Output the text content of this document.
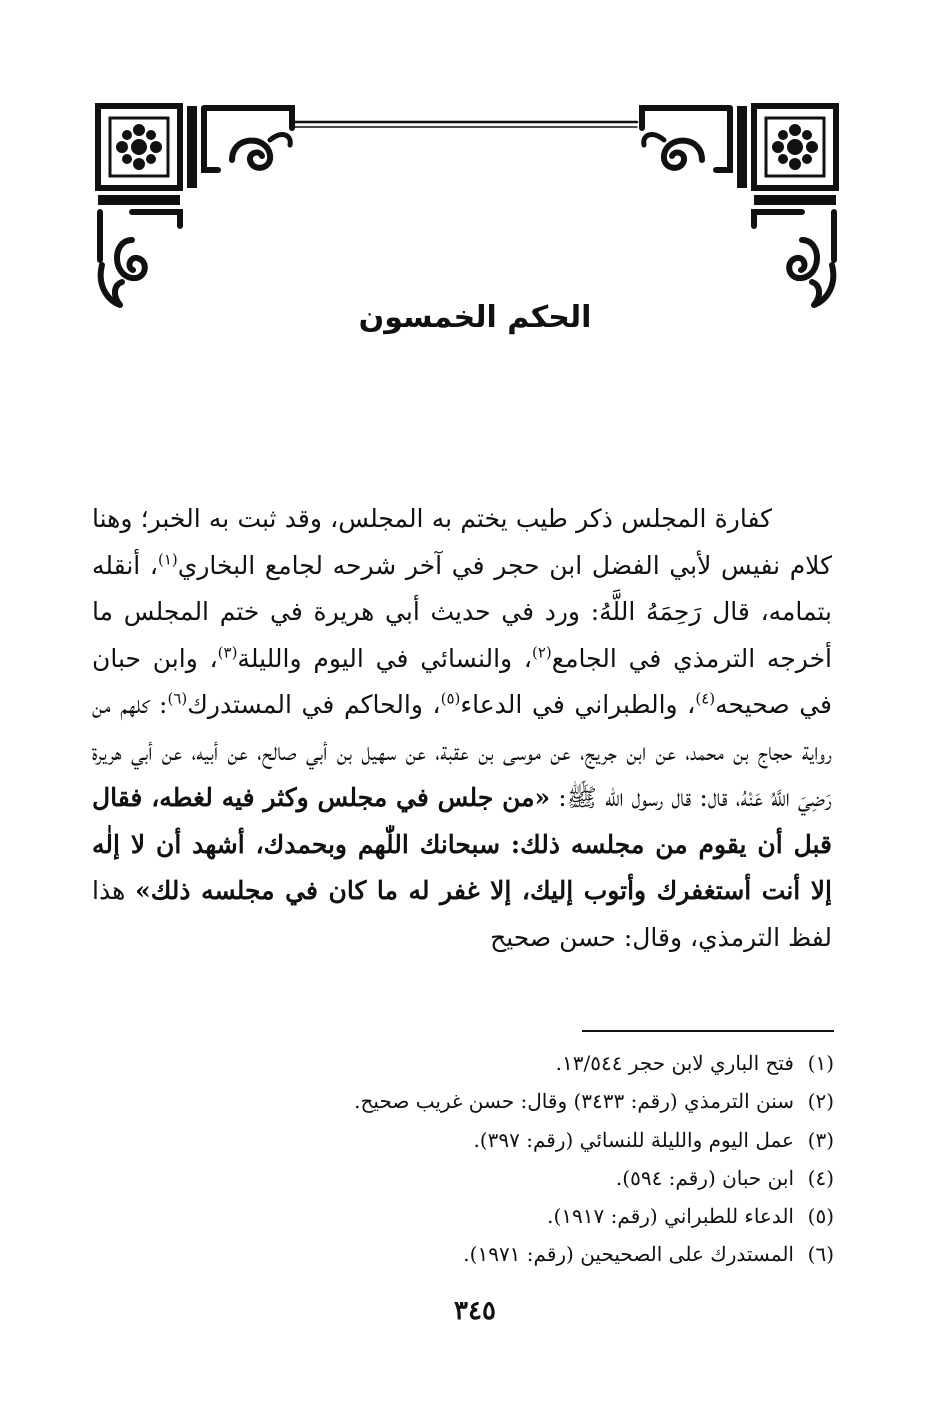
الحكم الخمسون

كفارة المجلس ذكر طيب يختم به المجلس، وقد ثبت به الخبر؛ وهنا كلام نفيس لأبي الفضل ابن حجر في آخر شرحه لجامع البخاري$^{(١)}$، أنقله بتمامه، قال رَحِمَهُ اللَّهُ: ورد في حديث أبي هريرة في ختم المجلس ما أخرجه الترمذي في الجامع$^{(٢)}$، والنسائي في اليوم والليلة$^{(٣)}$، وابن حبان في صحيحه$^{(٤)}$، والطبراني في الدعاء$^{(٥)}$، والحاكم في المستدرك$^{(٦)}$: كلهم من رواية حجاج بن محمد، عن ابن جريج، عن موسى بن عقبة، عن سهيل بن أبي صالح، عن أبيه، عن أبي هريرة رَضِيَ اللَّهُ عَنْهُ، قال: قال رسول الله ﷺ: «من جلس في مجلس وكثر فيه لغطه، فقال قبل أن يقوم من مجلسه ذلك: سبحانك اللّٰهم وبحمدك، أشهد أن لا إلٰه إلا أنت أستغفرك وأتوب إليك، إلا غفر له ما كان في مجلسه ذلك» هذا لفظ الترمذي، وقال: حسن صحيح

(١)فتح الباري لابن حجر ١٣/٥٤٤.
(٢)سنن الترمذي (رقم: ٣٤٣٣) وقال: حسن غريب صحيح.
(٣)عمل اليوم والليلة للنسائي (رقم: ٣٩٧).
(٤)ابن حبان (رقم: ٥٩٤).
(٥)الدعاء للطبراني (رقم: ١٩١٧).
(٦)المستدرك على الصحيحين (رقم: ١٩٧١).
٣٤٥
